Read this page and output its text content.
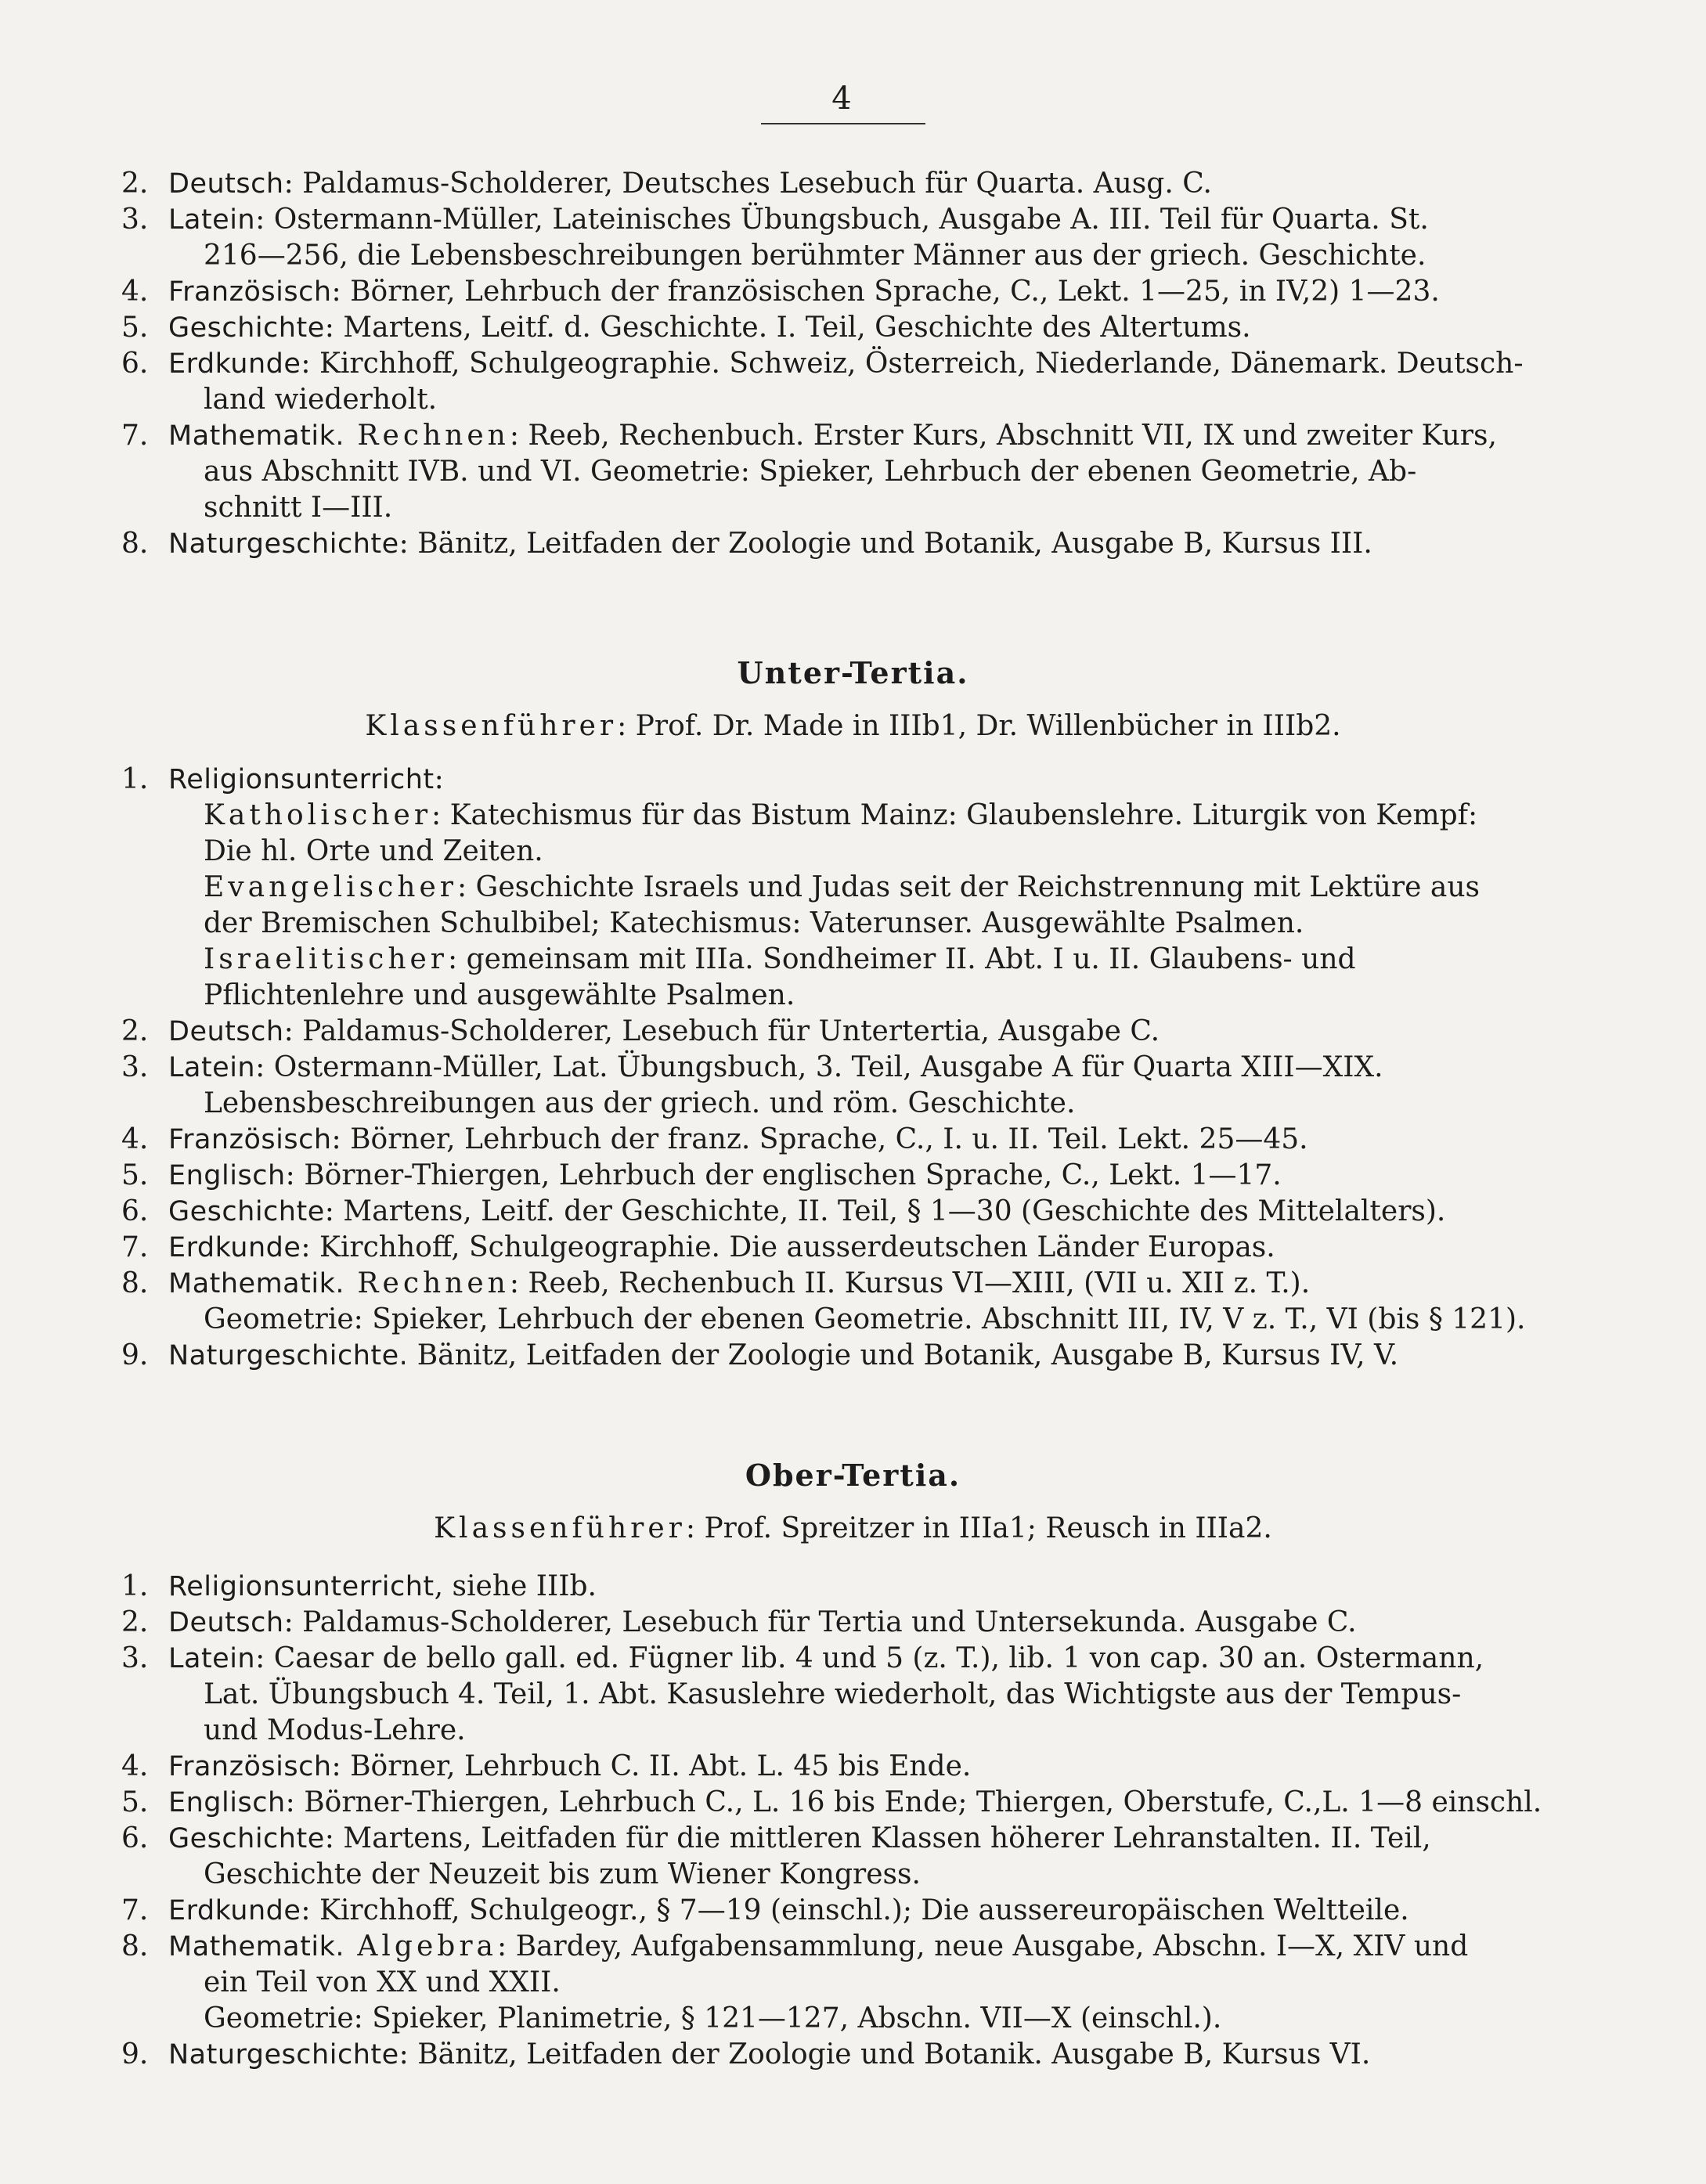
4
2. Deutsch: Paldamus-Scholderer, Deutsches Lesebuch für Quarta. Ausg. C.
3. Latein: Ostermann-Müller, Lateinisches Übungsbuch, Ausgabe A. III. Teil für Quarta. St.
216—256, die Lebensbeschreibungen berühmter Männer aus der griech. Geschichte.
4. Französisch: Börner, Lehrbuch der französischen Sprache, C., Lekt. 1—25, in IV,2) 1—23.
5. Geschichte: Martens, Leitf. d. Geschichte. I. Teil, Geschichte des Altertums.
6. Erdkunde: Kirchhoff, Schulgeographie. Schweiz, Österreich, Niederlande, Dänemark. Deutsch-
land wiederholt.
7. Mathematik. Rechnen: Reeb, Rechenbuch. Erster Kurs, Abschnitt VII, IX und zweiter Kurs,
aus Abschnitt IVB. und VI. Geometrie: Spieker, Lehrbuch der ebenen Geometrie, Ab-
schnitt I—III.
8. Naturgeschichte: Bänitz, Leitfaden der Zoologie und Botanik, Ausgabe B, Kursus III.
Unter-Tertia.
Klassenführer: Prof. Dr. Made in IIIb1, Dr. Willenbücher in IIIb2.
1. Religionsunterricht:
Katholischer: Katechismus für das Bistum Mainz: Glaubenslehre. Liturgik von Kempf:
Die hl. Orte und Zeiten.
Evangelischer: Geschichte Israels und Judas seit der Reichstrennung mit Lektüre aus
der Bremischen Schulbibel; Katechismus: Vaterunser. Ausgewählte Psalmen.
Israelitischer: gemeinsam mit IIIa. Sondheimer II. Abt. I u. II. Glaubens- und
Pflichtenlehre und ausgewählte Psalmen.
2. Deutsch: Paldamus-Scholderer, Lesebuch für Untertertia, Ausgabe C.
3. Latein: Ostermann-Müller, Lat. Übungsbuch, 3. Teil, Ausgabe A für Quarta XIII—XIX.
Lebensbeschreibungen aus der griech. und röm. Geschichte.
4. Französisch: Börner, Lehrbuch der franz. Sprache, C., I. u. II. Teil. Lekt. 25—45.
5. Englisch: Börner-Thiergen, Lehrbuch der englischen Sprache, C., Lekt. 1—17.
6. Geschichte: Martens, Leitf. der Geschichte, II. Teil, § 1—30 (Geschichte des Mittelalters).
7. Erdkunde: Kirchhoff, Schulgeographie. Die ausserdeutschen Länder Europas.
8. Mathematik. Rechnen: Reeb, Rechenbuch II. Kursus VI—XIII, (VII u. XII z. T.).
Geometrie: Spieker, Lehrbuch der ebenen Geometrie. Abschnitt III, IV, V z. T., VI (bis § 121).
9. Naturgeschichte. Bänitz, Leitfaden der Zoologie und Botanik, Ausgabe B, Kursus IV, V.
Ober-Tertia.
Klassenführer: Prof. Spreitzer in IIIa1; Reusch in IIIa2.
1. Religionsunterricht, siehe IIIb.
2. Deutsch: Paldamus-Scholderer, Lesebuch für Tertia und Untersekunda. Ausgabe C.
3. Latein: Caesar de bello gall. ed. Fügner lib. 4 und 5 (z. T.), lib. 1 von cap. 30 an. Ostermann,
Lat. Übungsbuch 4. Teil, 1. Abt. Kasuslehre wiederholt, das Wichtigste aus der Tempus-
und Modus-Lehre.
4. Französisch: Börner, Lehrbuch C. II. Abt. L. 45 bis Ende.
5. Englisch: Börner-Thiergen, Lehrbuch C., L. 16 bis Ende; Thiergen, Oberstufe, C.,L. 1—8 einschl.
6. Geschichte: Martens, Leitfaden für die mittleren Klassen höherer Lehranstalten. II. Teil,
Geschichte der Neuzeit bis zum Wiener Kongress.
7. Erdkunde: Kirchhoff, Schulgeogr., § 7—19 (einschl.); Die aussereuropäischen Weltteile.
8. Mathematik. Algebra: Bardey, Aufgabensammlung, neue Ausgabe, Abschn. I—X, XIV und
ein Teil von XX und XXII.
Geometrie: Spieker, Planimetrie, § 121—127, Abschn. VII—X (einschl.).
9. Naturgeschichte: Bänitz, Leitfaden der Zoologie und Botanik. Ausgabe B, Kursus VI.
